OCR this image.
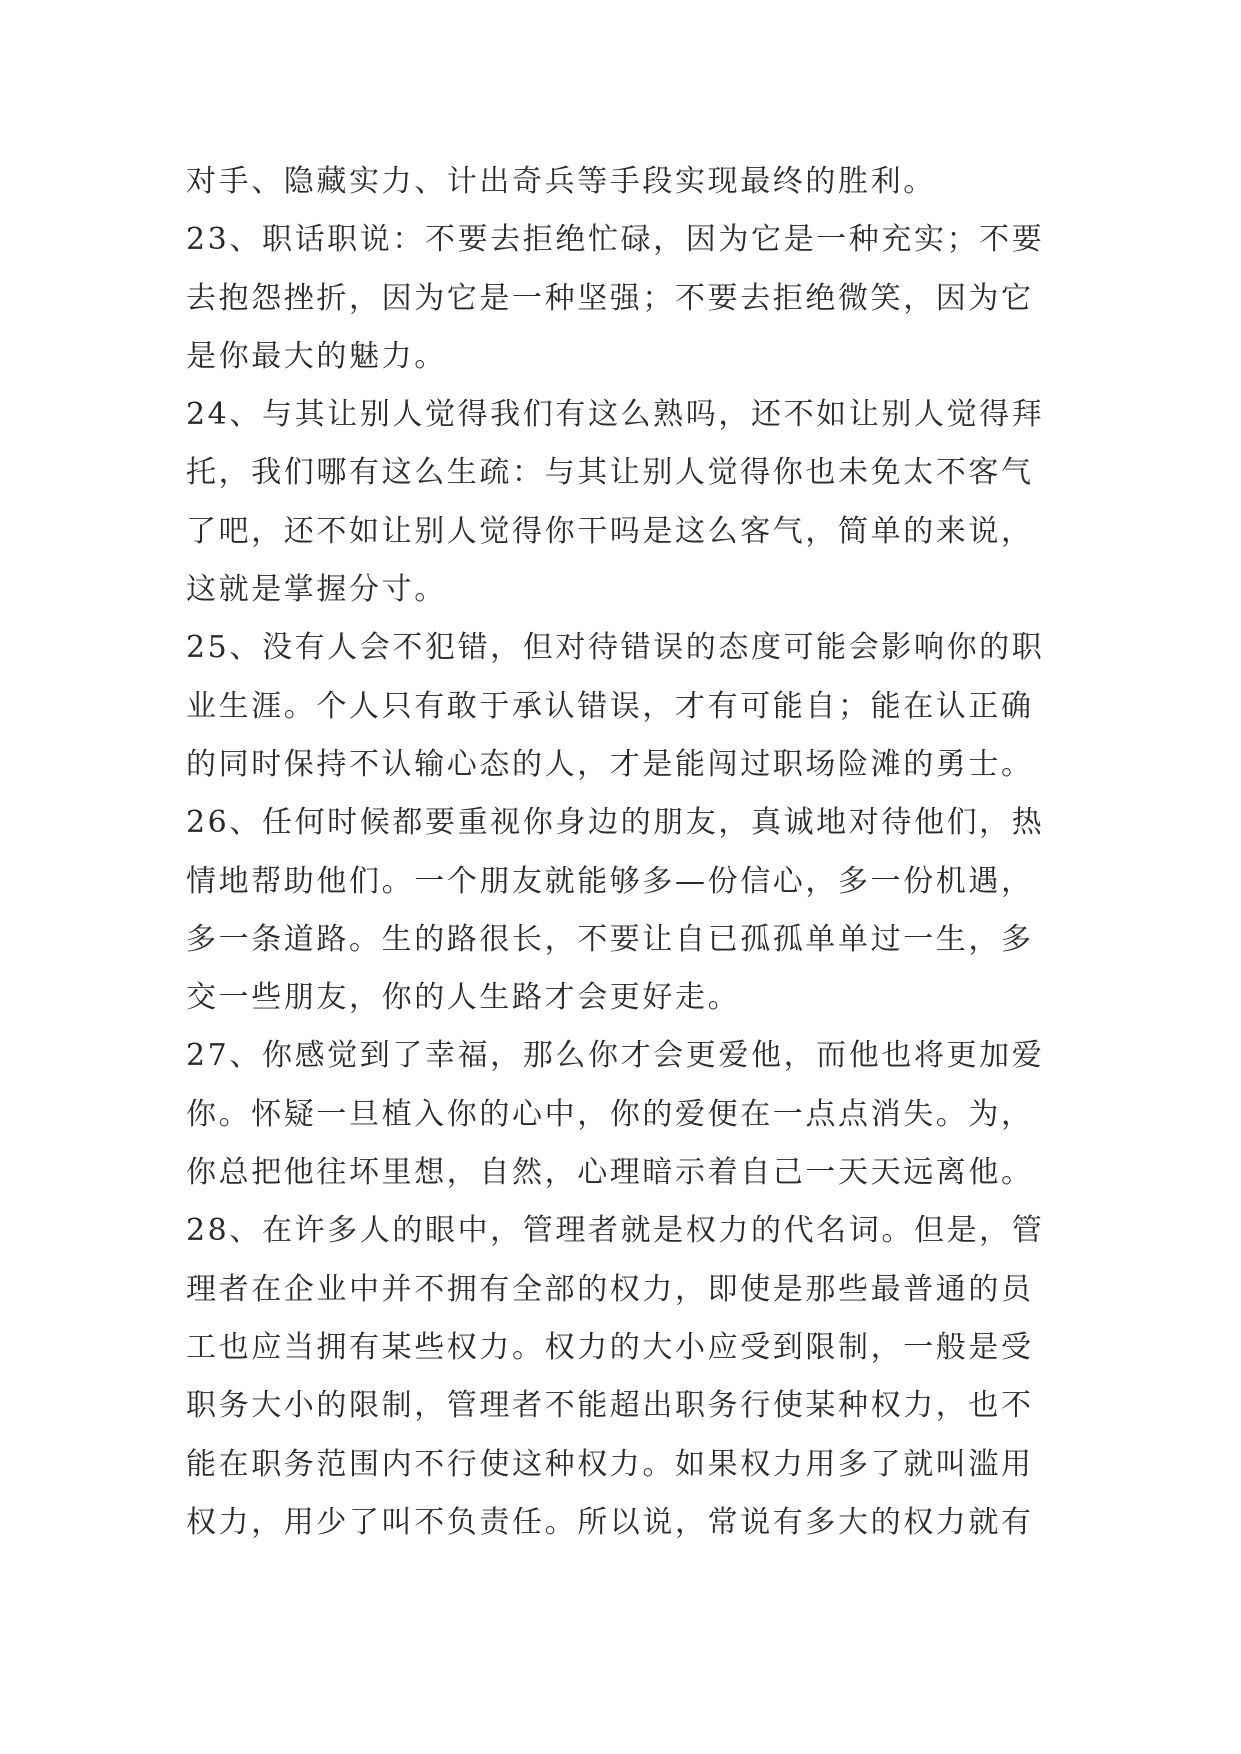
对手、隐藏实力、计出奇兵等手段实现最终的胜利。
23、职话职说：不要去拒绝忙碌，因为它是一种充实；不要
去抱怨挫折，因为它是一种坚强；不要去拒绝微笑，因为它
是你最大的魅力。
24、与其让别人觉得我们有这么熟吗，还不如让别人觉得拜
托，我们哪有这么生疏：与其让别人觉得你也未免太不客气
了吧，还不如让别人觉得你干吗是这么客气，简单的来说，
这就是掌握分寸。
25、没有人会不犯错，但对待错误的态度可能会影响你的职
业生涯。个人只有敢于承认错误，才有可能自；能在认正确
的同时保持不认输心态的人，才是能闯过职场险滩的勇士。
26、任何时候都要重视你身边的朋友，真诚地对待他们，热
情地帮助他们。一个朋友就能够多—份信心，多一份机遇，
多一条道路。生的路很长，不要让自已孤孤单单过一生，多
交一些朋友，你的人生路才会更好走。
27、你感觉到了幸福，那么你才会更爱他，而他也将更加爱
你。怀疑一旦植入你的心中，你的爱便在一点点消失。为，
你总把他往坏里想，自然，心理暗示着自己一天天远离他。
28、在许多人的眼中，管理者就是权力的代名词。但是，管
理者在企业中并不拥有全部的权力，即使是那些最普通的员
工也应当拥有某些权力。权力的大小应受到限制，一般是受
职务大小的限制，管理者不能超出职务行使某种权力，也不
能在职务范围内不行使这种权力。如果权力用多了就叫滥用
权力，用少了叫不负责任。所以说，常说有多大的权力就有
